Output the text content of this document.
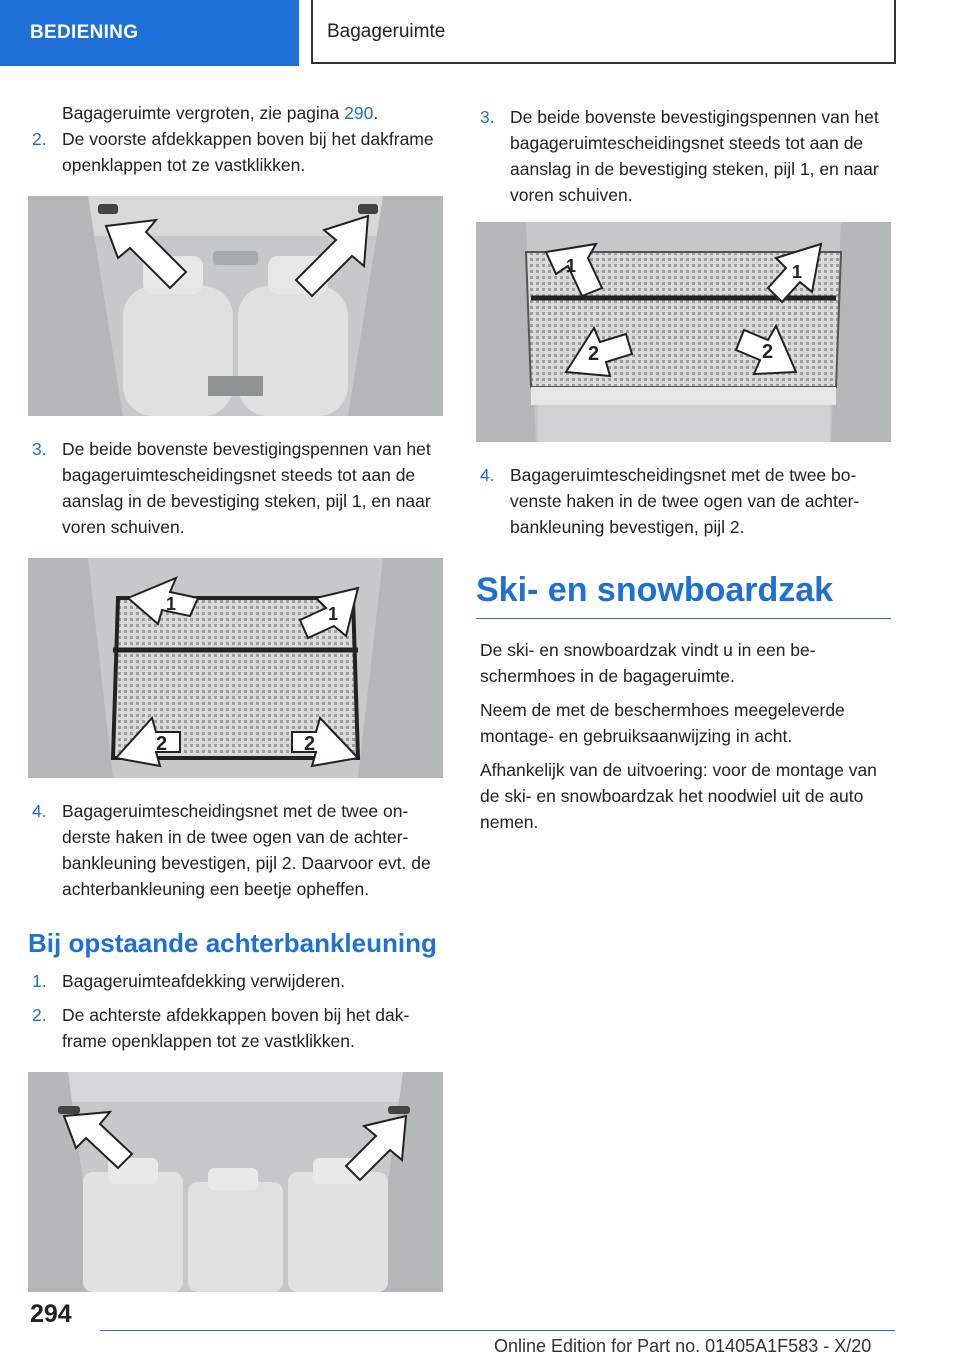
BEDIENING	Bagageruimte

Bagageruimte vergroten, zie pagina 290.

2. De voorste afdekkappen boven bij het dakframe openklappen tot ze vastklikken.
3. De beide bovenste bevestigingspennen van het bagageruimtescheidingsnet steeds tot aan de aanslag in de bevestiging steken, pijl 1, en naar voren schuiven.
1	1
2	2
4. Bagageruimtescheidingsnet met de twee onderste haken in de twee ogen van de achterbankleuning bevestigen, pijl 2. Daarvoor evt. de achterbankleuning een beetje opheffen.
Bij opstaande achterbankleuning
1. Bagageruimteafdekking verwijderen.
2. De achterste afdekkappen boven bij het dakframe openklappen tot ze vastklikken.
3. De beide bovenste bevestigingspennen van het bagageruimtescheidingsnet steeds tot aan de aanslag in de bevestiging steken, pijl 1, en naar voren schuiven.
1	1
2	2
4. Bagageruimtescheidingsnet met de twee bovenste haken in de twee ogen van de achterbankleuning bevestigen, pijl 2.
Ski- en snowboardzak

De ski- en snowboardzak vindt u in een beschermhoes in de bagageruimte.

Neem de met de beschermhoes meegeleverde montage- en gebruiksaanwijzing in acht.

Afhankelijk van de uitvoering: voor de montage van de ski- en snowboardzak het noodwiel uit de auto nemen.

294
Online Edition for Part no. 01405A1F583 - X/20
